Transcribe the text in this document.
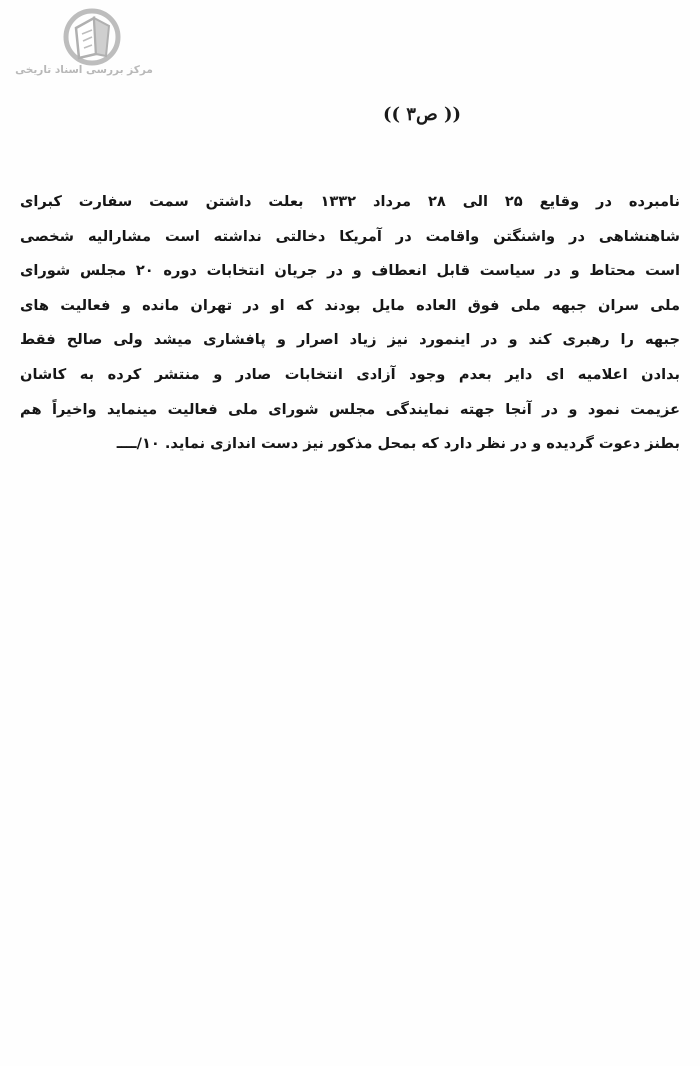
مرکز بررسی اسناد تاریخی
(( ص۳ ))
نامبرده در وقایع ۲۵ الی ۲۸ مرداد ۱۳۳۲ بعلت داشتن سمت سفارت کبرای
شاهنشاهی در واشنگتن واقامت در آمریکا دخالتی نداشته است مشارالیه شخصی
است محتاط و در سیاست قابل انعطاف و در جریان انتخابات دوره ۲۰ مجلس شورای
ملی سران جبهه ملی فوق العاده مایل بودند که او در تهران مانده و فعالیت های
جبهه را رهبری کند و در اینمورد نیز زیاد اصرار و پافشاری میشد ولی صالح فقط
بدادن اعلامیه ای دایر بعدم وجود آزادی انتخابات صادر و منتشر کرده به کاشان
عزیمت نمود و در آنجا جهته نمایندگی مجلس شورای ملی فعالیت مینماید واخیراً هم
بطنز دعوت گردیده و در نظر دارد که بمحل مذکور نیز دست اندازی نماید. ۱۰/ــــ
